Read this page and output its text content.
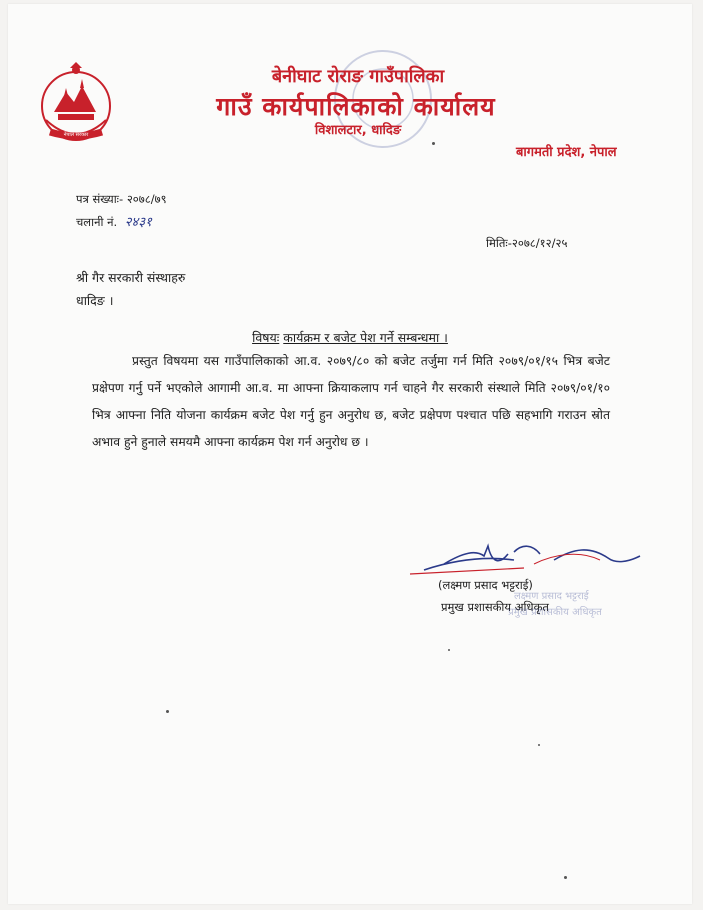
नेपाल सरकार
बेनीघाट रोराङ गाउँपालिका
गाउँ कार्यपालिकाको कार्यालय
विशालटार, धादिङ
बागमती प्रदेश, नेपाल
पत्र संख्याः- २०७८/७९
चलानी नं. २४३१
मितिः-२०७८/१२/२५
श्री गैर सरकारी संस्थाहरु
धादिङ ।
विषयः कार्यक्रम र बजेट पेश गर्ने सम्बन्धमा ।
प्रस्तुत विषयमा यस गाउँपालिकाको आ.व. २०७९/८० को बजेट तर्जुमा गर्न मिति २०७९/०१/१५ भित्र बजेट प्रक्षेपण गर्नु पर्ने भएकोले आगामी आ.व. मा आफ्ना क्रियाकलाप गर्न चाहने गैर सरकारी संस्थाले मिति २०७९/०१/१० भित्र आफ्ना निति योजना कार्यक्रम बजेट पेश गर्नु हुन अनुरोध छ, बजेट प्रक्षेपण पश्चात पछि सहभागि गराउन स्रोत अभाव हुने हुनाले समयमै आफ्ना कार्यक्रम पेश गर्न अनुरोध छ ।
(लक्ष्मण प्रसाद भट्टराई)
प्रमुख प्रशासकीय अधिकृत
लक्ष्मण प्रसाद भट्टराई
प्रमुख प्रशासकीय अधिकृत
